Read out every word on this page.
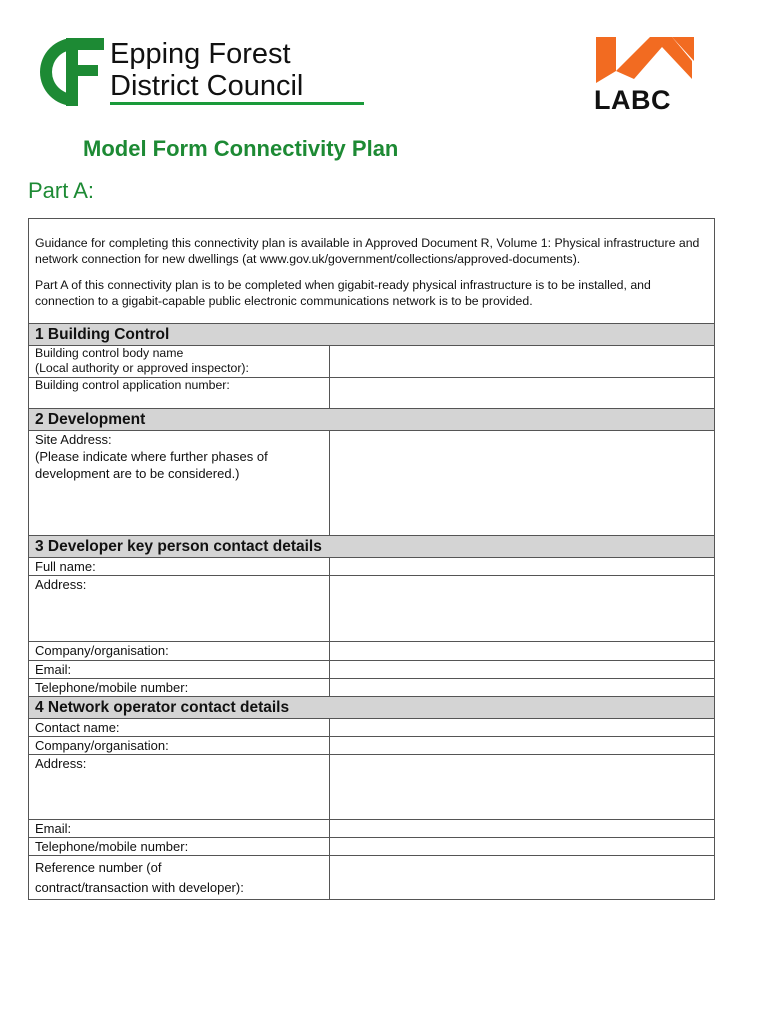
Epping Forest
District Council	LABC
Model Form Connectivity Plan
Part A:

Guidance for completing this connectivity plan is available in Approved Document R, Volume 1: Physical infrastructure and network connection for new dwellings (at www.gov.uk/government/collections/approved-documents).

Part A of this connectivity plan is to be completed when gigabit-ready physical infrastructure is to be installed, and connection to a gigabit-capable public electronic communications network is to be provided.

1 Building Control
Building control body name
(Local authority or approved inspector):
Building control application number:
2 Development
Site Address:
(Please indicate where further phases of
development are to be considered.)
3 Developer key person contact details
Full name:
Address:
Company/organisation:
Email:
Telephone/mobile number:
4 Network operator contact details
Contact name:
Company/organisation:
Address:
Email:
Telephone/mobile number:
Reference number (of
contract/transaction with developer):
